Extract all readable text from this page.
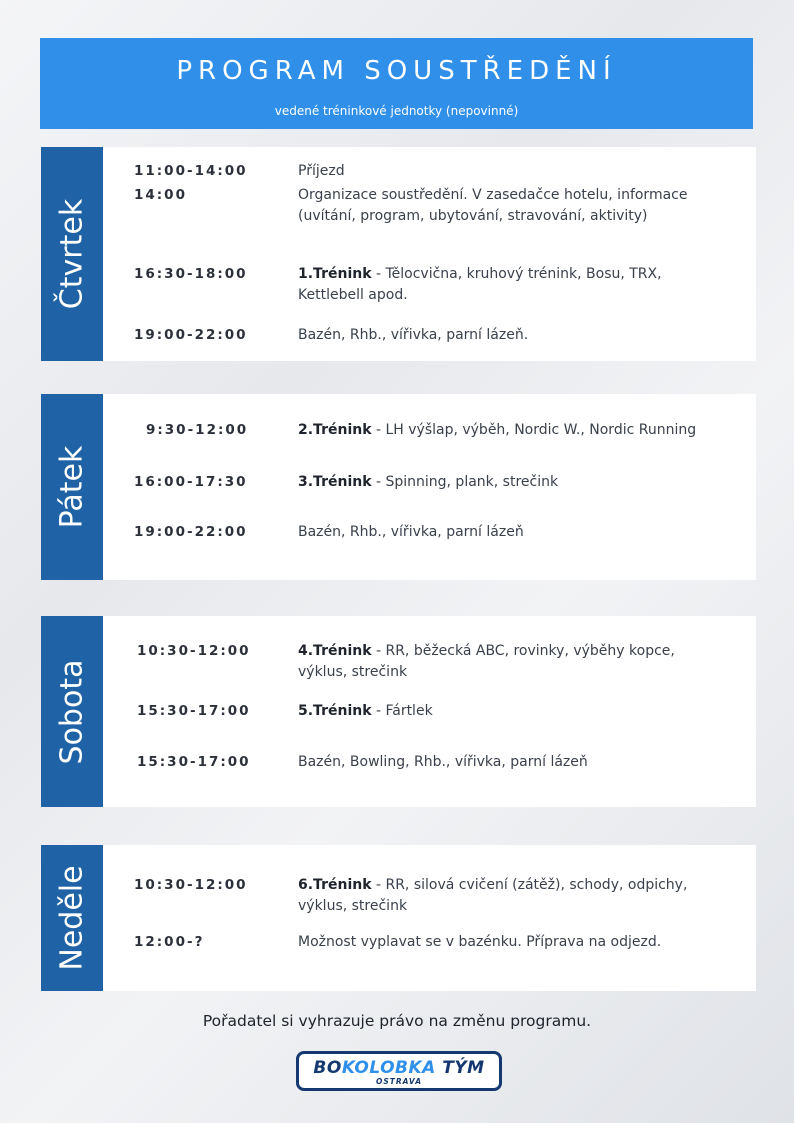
PROGRAM SOUSTŘEDĚNÍ
vedené tréninkové jednotky (nepovinné)
Čtvrtek
11:00-14:00	Příjezd
14:00	Organizace soustředění. V zasedačce hotelu, informace (uvítání, program, ubytování, stravování, aktivity)
16:30-18:00	1.Trénink - Tělocvična, kruhový trénink, Bosu, TRX, Kettlebell apod.
19:00-22:00	Bazén, Rhb., vířivka, parní lázeň.
Pátek
9:30-12:00	2.Trénink - LH výšlap, výběh, Nordic W., Nordic Running
16:00-17:30	3.Trénink - Spinning, plank, strečink
19:00-22:00	Bazén, Rhb., vířivka, parní lázeň
Sobota
10:30-12:00	4.Trénink - RR, běžecká ABC, rovinky, výběhy kopce, výklus, strečink
15:30-17:00	5.Trénink - Fártlek
15:30-17:00	Bazén, Bowling, Rhb., vířivka, parní lázeň
Neděle	10:30-12:00	6.Trénink - RR, silová cvičení (zátěž), schody, odpichy, výklus, strečink
12:00-?	Možnost vyplavat se v bazénku. Příprava na odjezd.
Pořadatel si vyhrazuje právo na změnu programu.
BOKOLOBKA TÝM
OSTRAVA
